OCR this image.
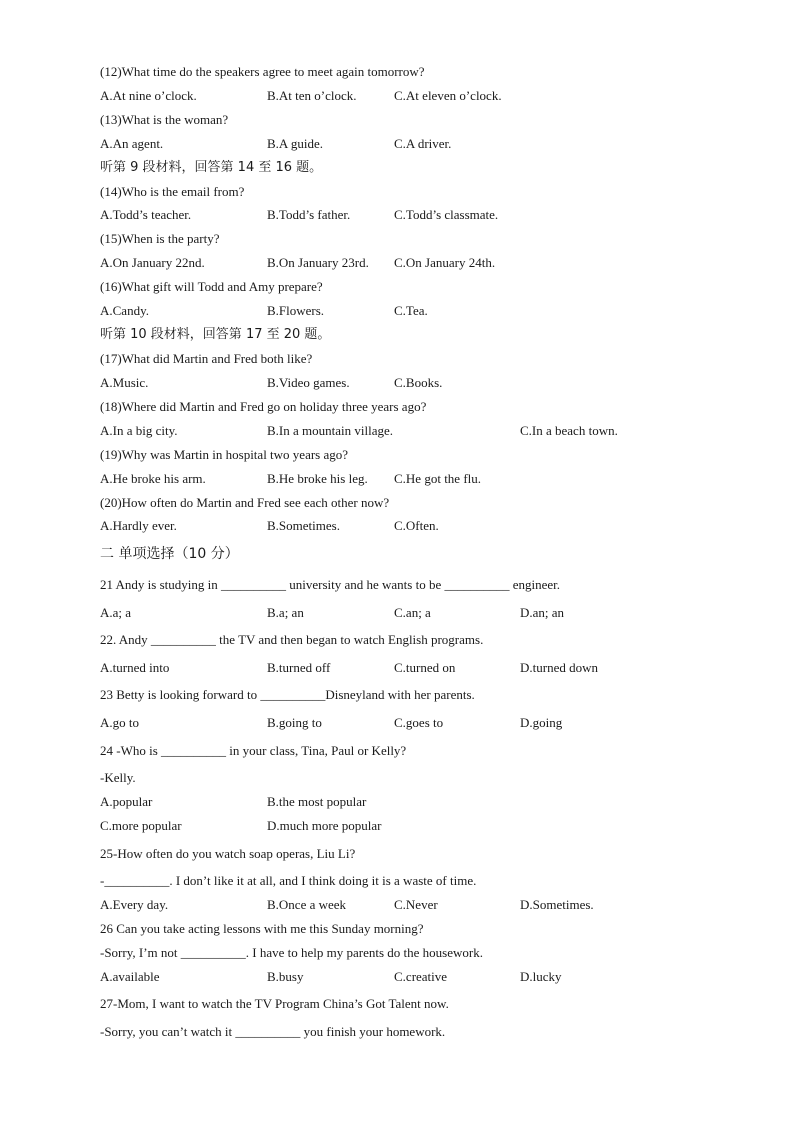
(12)What time do the speakers agree to meet again tomorrow?
A.At nine o’clock.	B.At ten o’clock.	C.At eleven o’clock.
(13)What is the woman?
A.An agent.	B.A guide.	C.A driver.
听第 9 段材料，回答第 14 至 16 题。
(14)Who is the email from?
A.Todd’s teacher.	B.Todd’s father.	C.Todd’s classmate.
(15)When is the party?
A.On January 22nd.	B.On January 23rd. C.On January 24th.
(16)What gift will Todd and Amy prepare?
A.Candy.	B.Flowers.	C.Tea.
听第 10 段材料，回答第 17 至 20 题。
(17)What did Martin and Fred both like?
A.Music.	B.Video games.	C.Books.
(18)Where did Martin and Fred go on holiday three years ago?
A.In a big city.	B.In a mountain village.	C.In a beach town.
(19)Why was Martin in hospital two years ago?
A.He broke his arm.	B.He broke his leg. C.He got the flu.
(20)How often do Martin and Fred see each other now?
A.Hardly ever.	B.Sometimes.	C.Often.
二 单项选择（10 分）
21 Andy is studying in __________ university and he wants to be __________ engineer.
A.a; a	B.a; an	C.an; a	D.an; an
22. Andy __________ the TV and then began to watch English programs.
A.turned into	B.turned off	C.turned on	D.turned down
23 Betty is looking forward to __________Disneyland with her parents.
A.go to	B.going to	C.goes to	D.going
24 -Who is __________ in your class, Tina, Paul or Kelly?
-Kelly.
A.popular	B.the most popular
C.more popular	D.much more popular
25-How often do you watch soap operas, Liu Li?
-__________. I don’t like it at all, and I think doing it is a waste of time.
A.Every day.	B.Once a week	C.Never	D.Sometimes.
26 Can you take acting lessons with me this Sunday morning?
-Sorry, I’m not __________. I have to help my parents do the housework.
A.available	B.busy	C.creative	D.lucky
27-Mom, I want to watch the TV Program China’s Got Talent now.
-Sorry, you can’t watch it __________ you finish your homework.
